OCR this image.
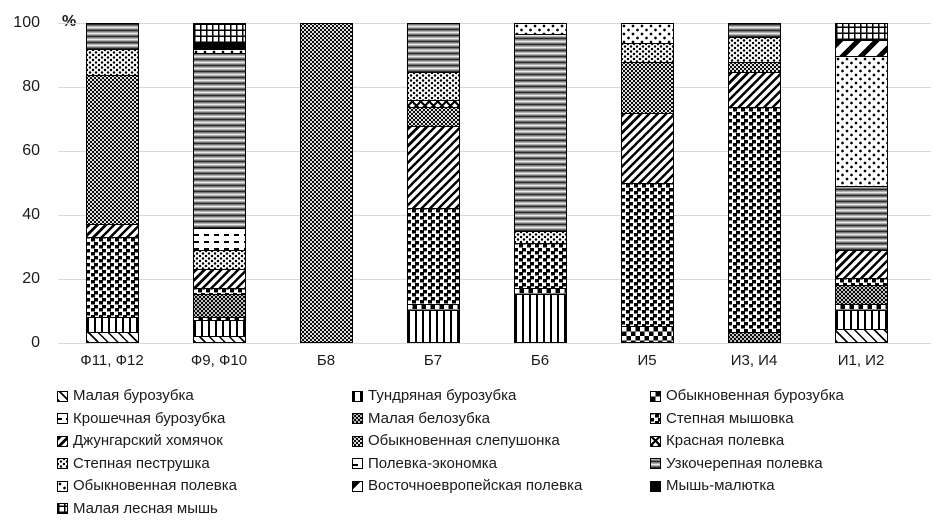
%
100
80
60
40
20
0
Ф11, Ф12	Ф9, Ф10	Б8	Б7	Б6	И5	И3, И4	И1, И2
Малая бурозубка	Тундряная бурозубка	Обыкновенная бурозубка
Крошечная бурозубка	Малая белозубка	Степная мышовка
Джунгарский хомячок	Обыкновенная слепушонка	Красная полевка
Степная пеструшка	Полевка-экономка	Узкочерепная полевка
Обыкновенная полевка	Восточноевропейская полевка	Мышь-малютка
Малая лесная мышь
